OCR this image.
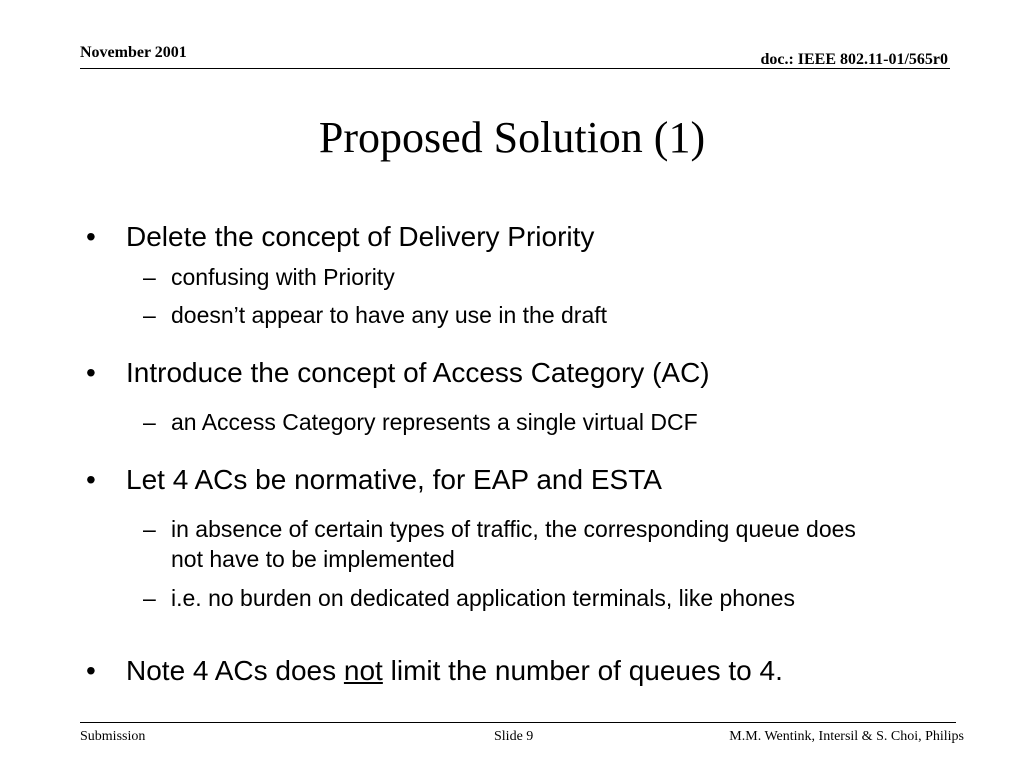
November 2001	doc.: IEEE 802.11-01/565r0
Proposed Solution (1)
• Delete the concept of Delivery Priority
– confusing with Priority
– doesn’t appear to have any use in the draft
• Introduce the concept of Access Category (AC)
– an Access Category represents a single virtual DCF
• Let 4 ACs be normative, for EAP and ESTA
– in absence of certain types of traffic, the corresponding queue does not have to be implemented
– i.e. no burden on dedicated application terminals, like phones
• Note 4 ACs does not limit the number of queues to 4.
Submission	Slide 9	M.M. Wentink, Intersil & S. Choi, Philips
